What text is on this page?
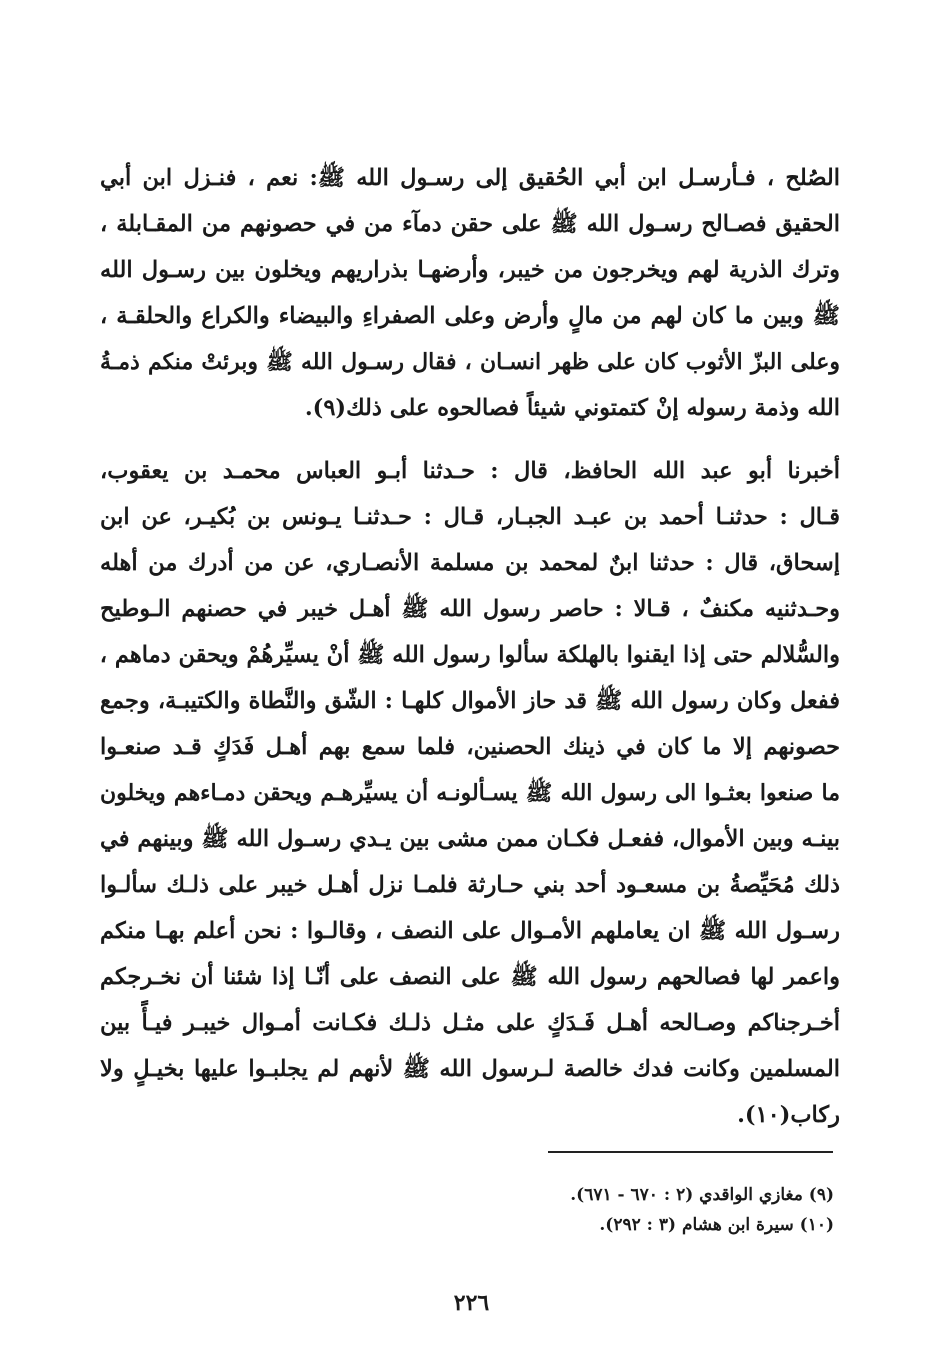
الصُلح ، فـأرسـل ابن أبي الحُقيق إلى رسـول الله ﷺ: نعم ، فنـزل ابن أبي
الحقيق فصـالح رسـول الله ﷺ على حقن دمآء من في حصونهم من المقـابلة ،
وترك الذرية لهم ويخرجون من خيبر، وأرضهـا بذراريهم ويخلون بين رسـول الله
ﷺ وبين ما كان لهم من مالٍ وأرض وعلى الصفراءِ والبيضاء والكراع والحلقـة ،
وعلى البزّ الأثوب كان على ظهر انسـان ، فقال رسـول الله ﷺ وبرئتْ منكم ذمـةُ
الله وذمة رسوله إنْ كتمتوني شيئاً فصالحوه على ذلك(٩).
أخبرنا أبو عبد الله الحافظ، قال : حـدثنا أبـو العباس محمـد بن يعقوب،
قـال : حدثنـا أحمد بن عبـد الجبـار، قـال : حـدثنـا يـونس بن بُكيـر، عن ابن
إسحاق، قال : حدثنا ابنٌ لمحمد بن مسلمة الأنصـاري، عن من أدرك من أهله
وحـدثنيه مكنفٌ ، قـالا : حاصر رسول الله ﷺ أهـل خيبر في حصنهم الـوطيح
والسُّلالم حتى إذا ايقنوا بالهلكة سألوا رسول الله ﷺ أنْ يسيِّرهُمْ ويحقن دماهم ،
ففعل وكان رسول الله ﷺ قد حاز الأموال كلهـا : الشّق والنَّطاة والكتيبـة، وجمع
حصونهم إلا ما كان في ذينك الحصنين، فلما سمع بهم أهـل فَدَكٍ قـد صنعـوا
ما صنعوا بعثـوا الى رسول الله ﷺ يسـألونـه أن يسيِّرهـم ويحقن دمـاءهم ويخلون
بينـه وبين الأموال، ففعـل فكـان ممن مشى بين يـدي رسـول الله ﷺ وبينهم في
ذلك مُحَيِّصةُ بن مسعـود أحد بني حـارثة فلمـا نزل أهـل خيبر على ذلـك سألـوا
رسـول الله ﷺ ان يعاملهم الأمـوال على النصف ، وقالـوا : نحن أعلم بهـا منكم
واعمر لها فصالحهم رسول الله ﷺ على النصف على أنّـا إذا شئنا أن نخـرجكم
أخـرجناكم وصـالحه أهـل فَـدَكٍ على مثـل ذلـك فكـانت أمـوال خيبـر فيـأً بين
المسلمين وكانت فدك خالصة لـرسول الله ﷺ لأنهم لم يجلبـوا عليها بخيـلٍ ولا
ركاب(١٠).
(٩) مغازي الواقدي (٢ : ٦٧٠ - ٦٧١).
(١٠) سيرة ابن هشام (٣ : ٢٩٢).
٢٢٦
